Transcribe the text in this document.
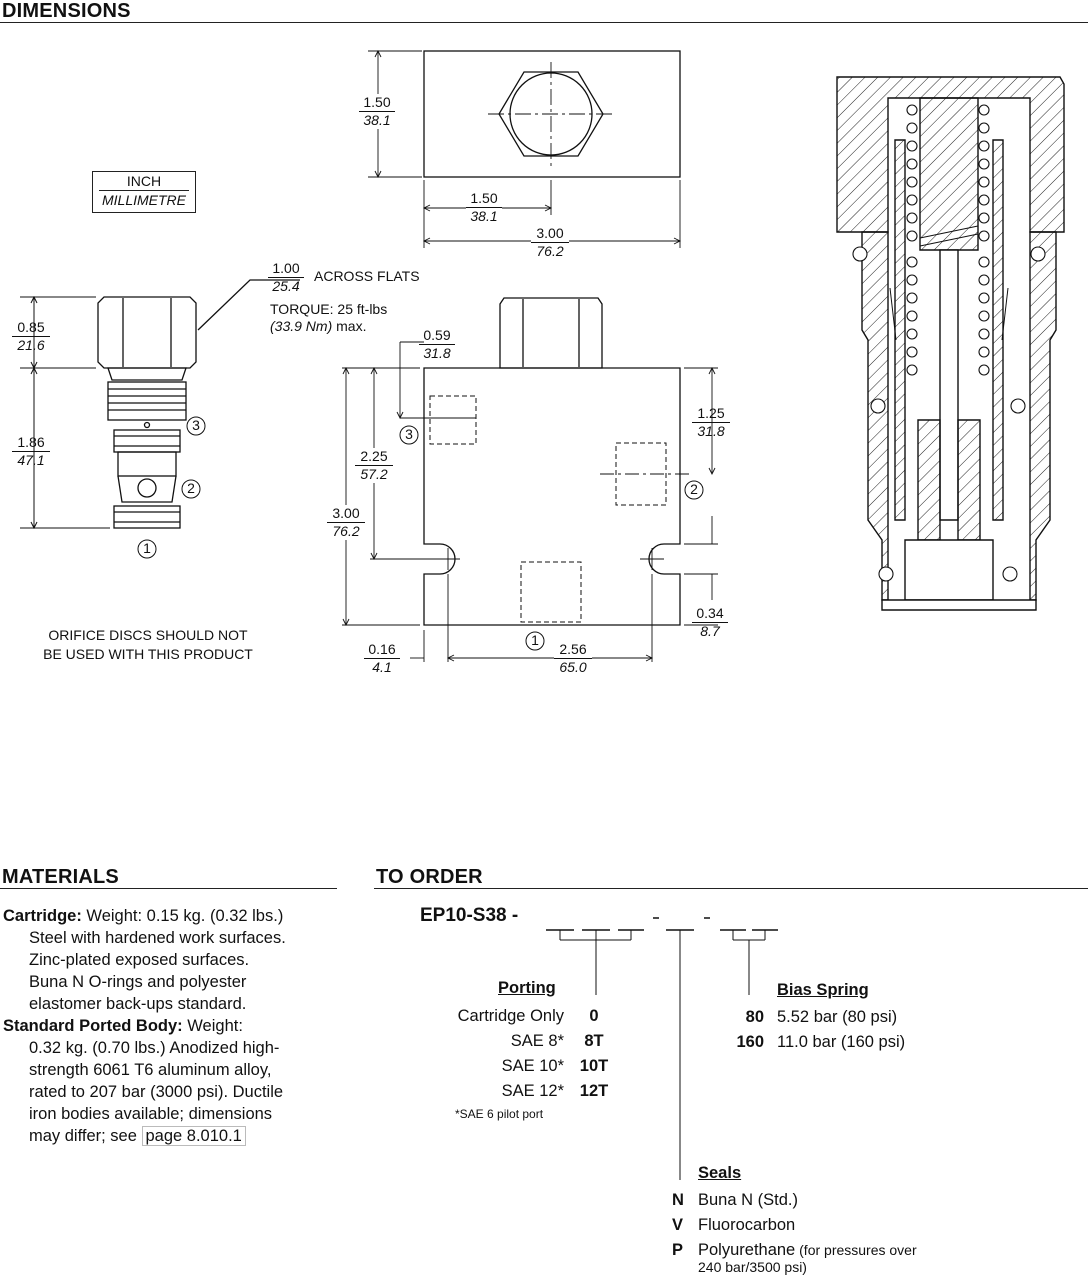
DIMENSIONS
INCH
MILLIMETRE
0.85
21.6
1.86
47.1
3
2
1
1.00
25.4
ACROSS FLATS
TORQUE: 25 ft-lbs
(33.9 Nm) max.
ORIFICE DISCS SHOULD NOT
BE USED WITH THIS PRODUCT
1.50
38.1
1.50
38.1
3.00
76.2
0.59
31.8
1.25
31.8
2.25
57.2
3.00
76.2
0.34
8.7
0.16
4.1
2.56
65.0
3
2
1
MATERIALS
Cartridge: Weight: 0.15 kg. (0.32 lbs.)
Steel with hardened work surfaces.
Zinc-plated exposed surfaces.
Buna N O-rings and polyester
elastomer back-ups standard.
Standard Ported Body: Weight:
0.32 kg. (0.70 lbs.) Anodized high-
strength 6061 T6 aluminum alloy,
rated to 207 bar (3000 psi). Ductile
iron bodies available; dimensions
may differ; see page 8.010.1
TO ORDER
EP10-S38 -
Porting
Cartridge Only
SAE 8*
SAE 10*
SAE 12*
0
8T
10T
12T
*SAE 6 pilot port
Bias Spring
80
160
5.52 bar (80 psi)
11.0 bar (160 psi)
Seals
N
V
P
Buna N (Std.)
Fluorocarbon
Polyurethane (for pressures over
240 bar/3500 psi)
